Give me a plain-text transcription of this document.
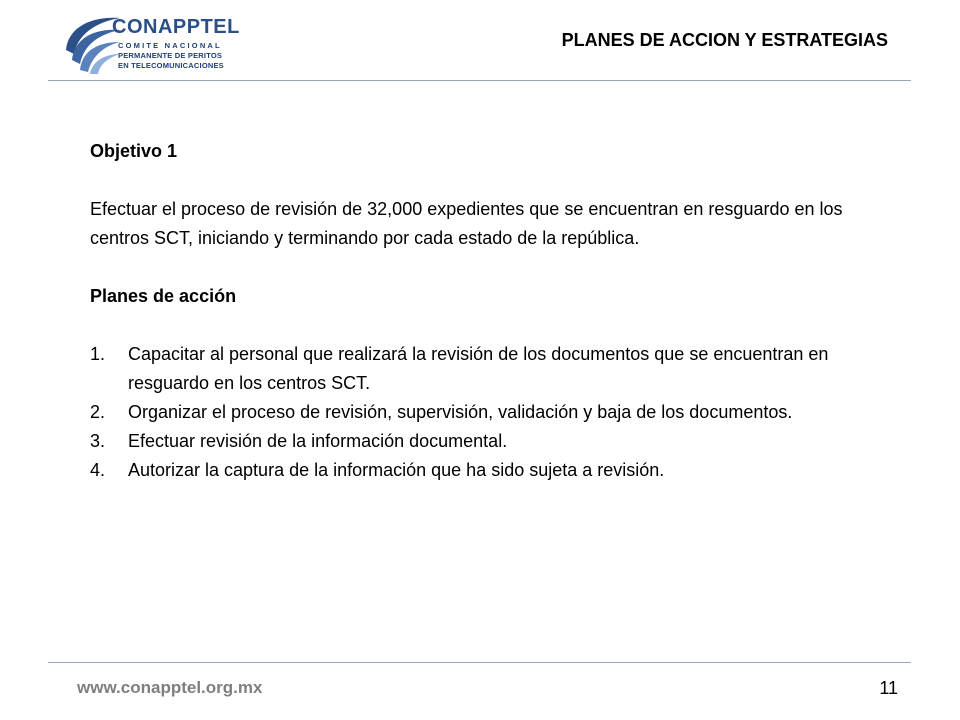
CONAPPTEL
COMITE NACIONAL
PERMANENTE DE PERITOS
EN TELECOMUNICACIONES
PLANES DE ACCION Y ESTRATEGIAS

Objetivo 1

Efectuar el proceso de revisión de 32,000 expedientes que se encuentran en resguardo en los centros SCT, iniciando y terminando por cada estado de la república.

Planes de acción

1. Capacitar al personal que realizará la revisión de los documentos que se encuentran en resguardo en los centros SCT.
2. Organizar el proceso de revisión, supervisión, validación y baja de los documentos.
3. Efectuar revisión de la información documental.
4. Autorizar la captura de la información que ha sido sujeta a revisión.
www.conapptel.org.mx	11
